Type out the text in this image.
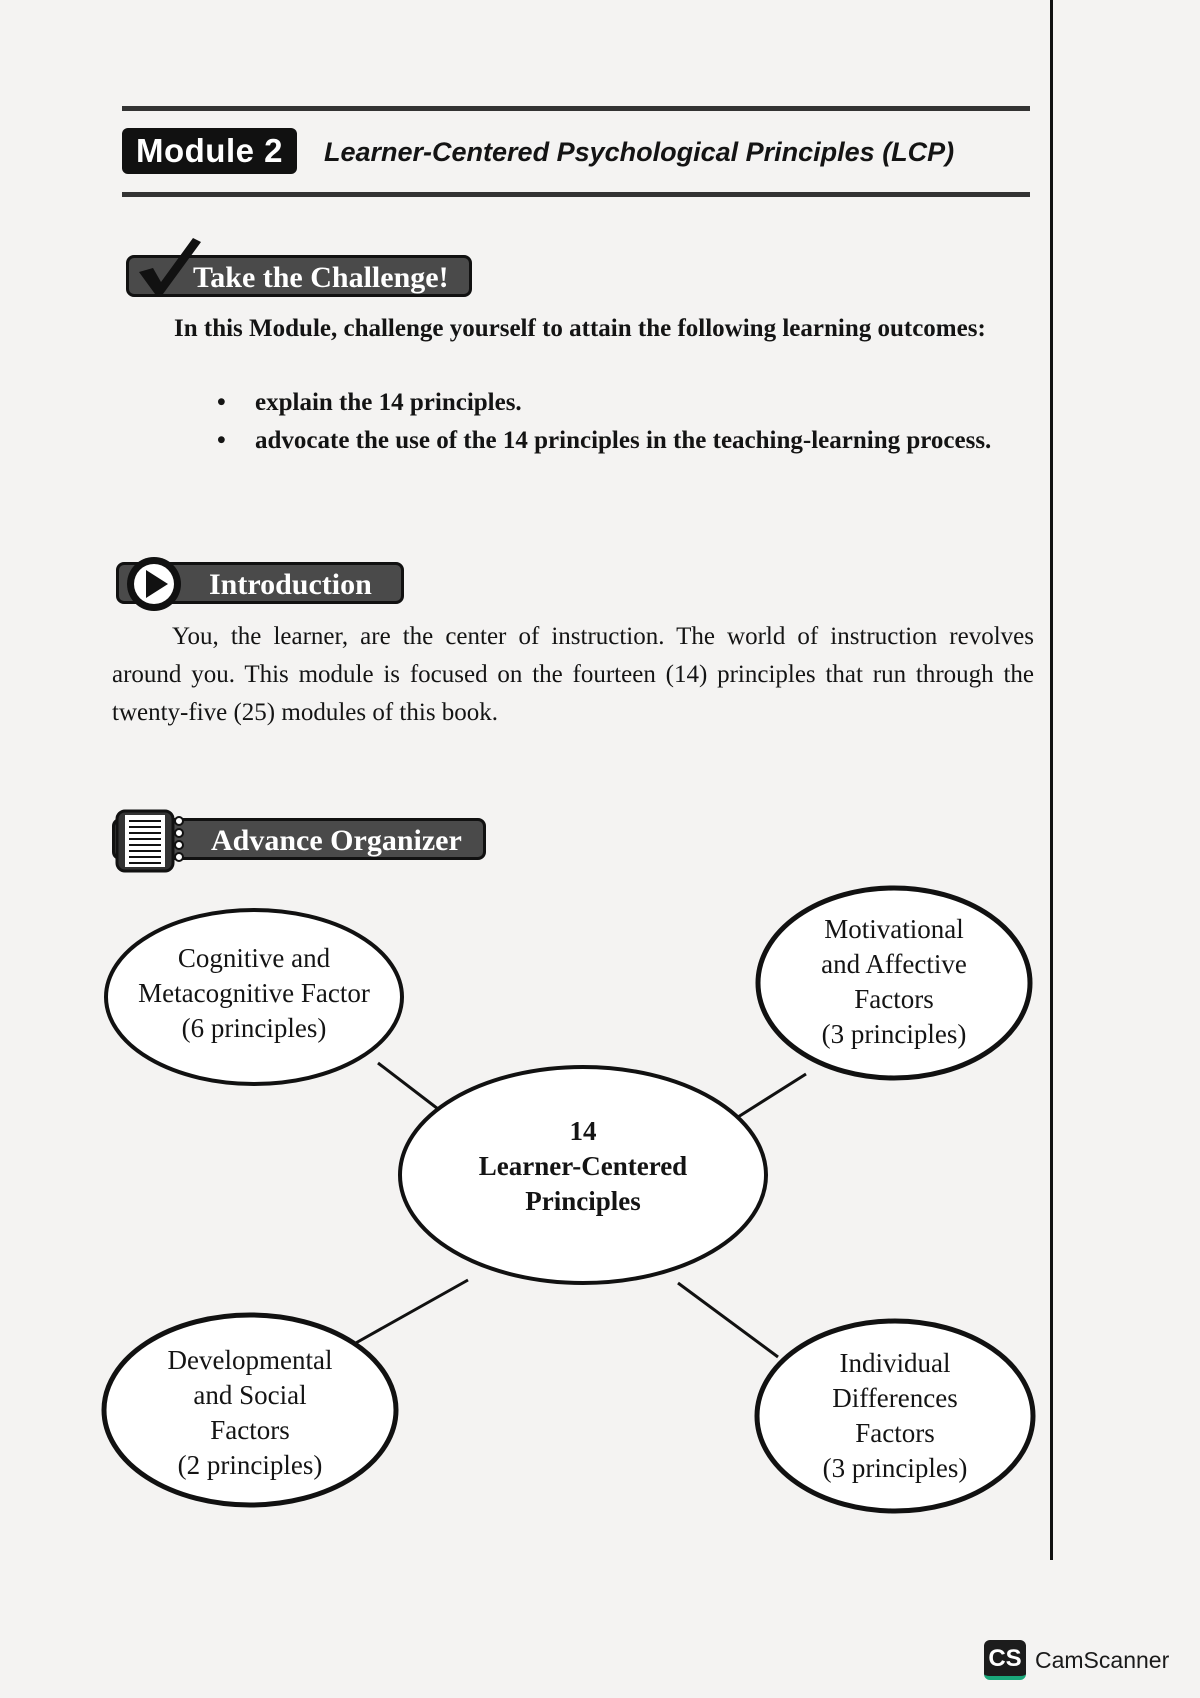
Module 2	Learner-Centered Psychological Principles (LCP)
Take the Challenge!
In this Module, challenge yourself to attain the following learning outcomes:
• explain the 14 principles.
• advocate the use of the 14 principles in the teaching-learning process.
Introduction
You, the learner, are the center of instruction. The world of instruction revolves around you. This module is focused on the fourteen (14) principles that run through the twenty-five (25) modules of this book.
Advance Organizer
14
Learner-Centered
Principles
Cognitive and
Metacognitive Factor
(6 principles)
Motivational
and Affective
Factors
(3 principles)
Developmental
and Social
Factors
(2 principles)
Individual
Differences
Factors
(3 principles)
CS CamScanner
